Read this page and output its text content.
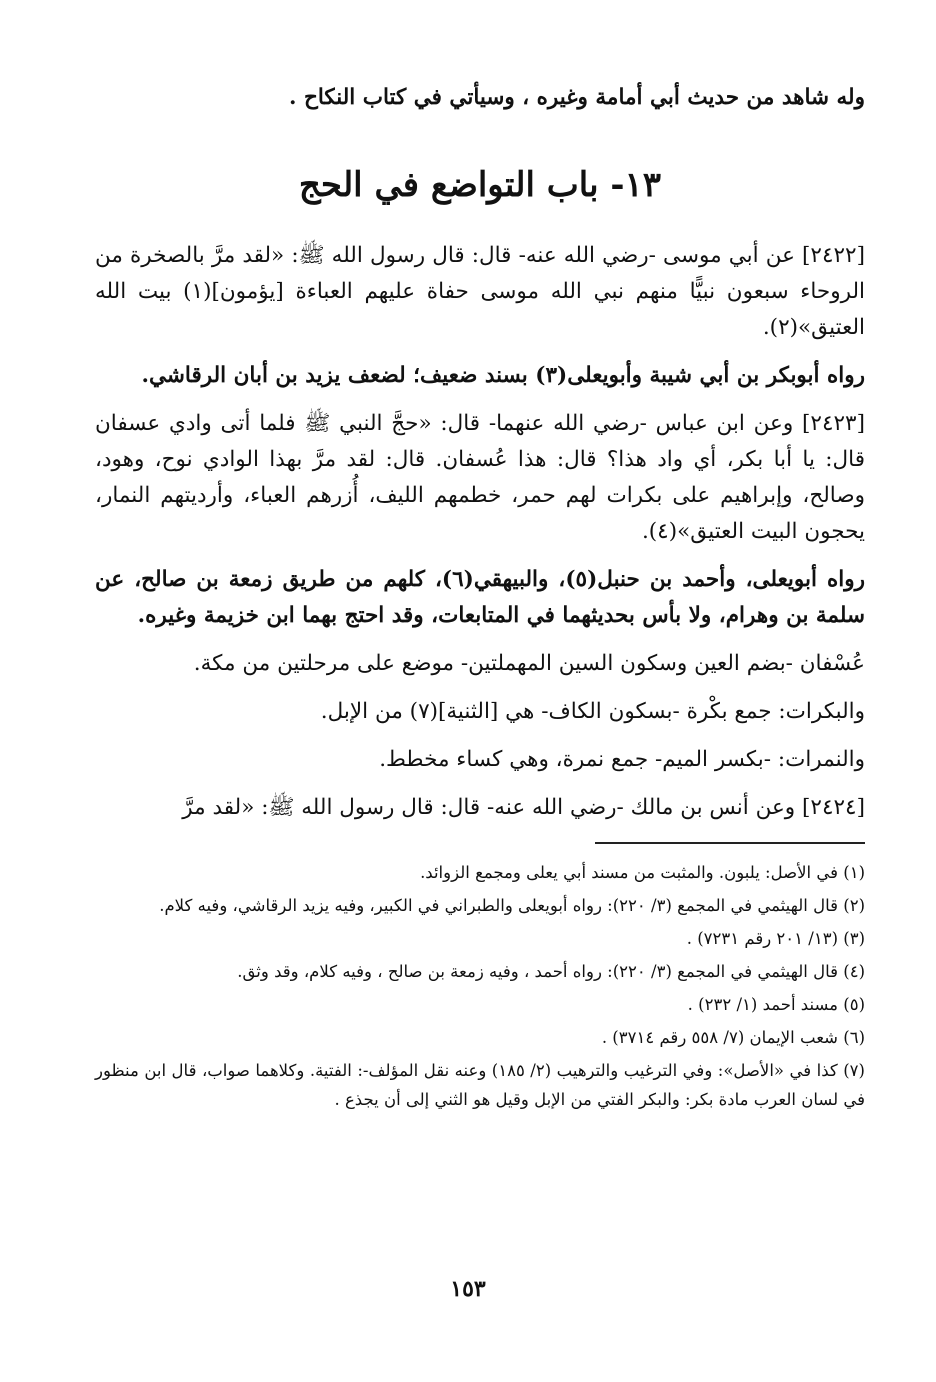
وله شاهد من حديث أبي أمامة وغيره ، وسيأتي في كتاب النكاح .

١٣- باب التواضع في الحج

[٢٤٢٢] عن أبي موسى -رضي الله عنه- قال: قال رسول الله ﷺ: «لقد مرَّ بالصخرة من الروحاء سبعون نبيًّا منهم نبي الله موسى حفاة عليهم العباءة [يؤمون](١) بيت الله العتيق»(٢).

رواه أبوبكر بن أبي شيبة وأبويعلى(٣) بسند ضعيف؛ لضعف يزيد بن أبان الرقاشي.

[٢٤٢٣] وعن ابن عباس -رضي الله عنهما- قال: «حجَّ النبي ﷺ فلما أتى وادي عسفان قال: يا أبا بكر، أي واد هذا؟ قال: هذا عُسفان. قال: لقد مرَّ بهذا الوادي نوح، وهود، وصالح، وإبراهيم على بكرات لهم حمر، خطمهم الليف، أُزرهم العباء، وأرديتهم النمار، يحجون البيت العتيق»(٤).

رواه أبويعلى، وأحمد بن حنبل(٥)، والبيهقي(٦)، كلهم من طريق زمعة بن صالح، عن سلمة بن وهرام، ولا بأس بحديثهما في المتابعات، وقد احتج بهما ابن خزيمة وغيره.

عُسْفان -بضم العين وسكون السين المهملتين- موضع على مرحلتين من مكة.

والبكرات: جمع بكْرة -بسكون الكاف- هي [الثنية](٧) من الإبل.

والنمرات: -بكسر الميم- جمع نمرة، وهي كساء مخطط.

[٢٤٢٤] وعن أنس بن مالك -رضي الله عنه- قال: قال رسول الله ﷺ: «لقد مرَّ

(١) في الأصل: يلبون. والمثبت من مسند أبي يعلى ومجمع الزوائد.

(٢) قال الهيثمي في المجمع (٣/ ٢٢٠): رواه أبويعلى والطبراني في الكبير، وفيه يزيد الرقاشي، وفيه كلام.

(٣) (١٣/ ٢٠١ رقم ٧٢٣١) .

(٤) قال الهيثمي في المجمع (٣/ ٢٢٠): رواه أحمد ، وفيه زمعة بن صالح ، وفيه كلام، وقد وثق.

(٥) مسند أحمد (١/ ٢٣٢) .

(٦) شعب الإيمان (٧/ ٥٥٨ رقم ٣٧١٤) .

(٧) كذا في «الأصل»: وفي الترغيب والترهيب (٢/ ١٨٥) وعنه نقل المؤلف-: الفتية. وكلاهما صواب، قال ابن منظور في لسان العرب مادة بكر: والبكر الفتي من الإبل وقيل هو الثني إلى أن يجذع .

١٥٣
